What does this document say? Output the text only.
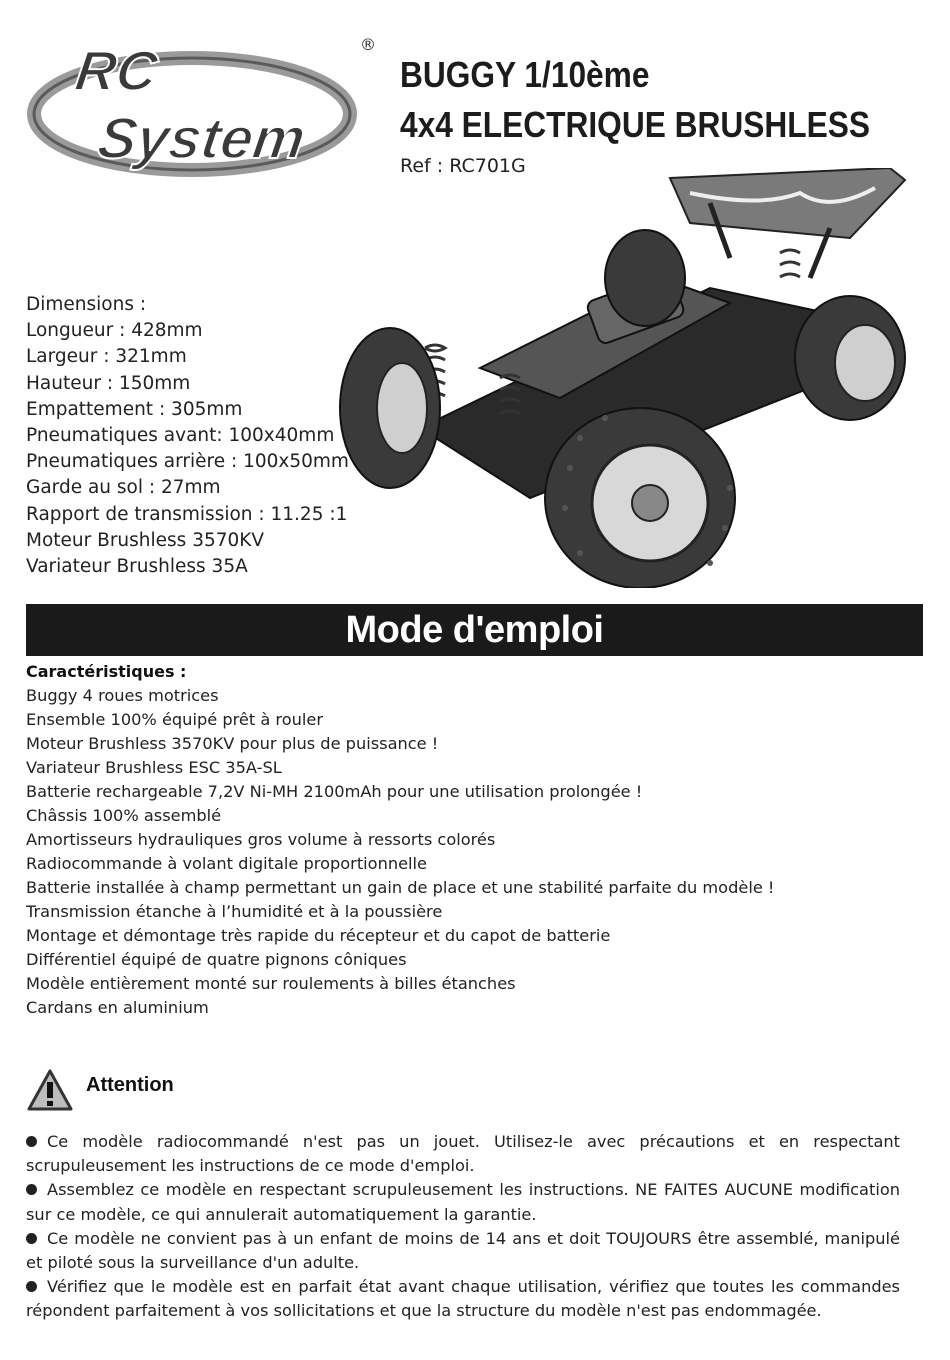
RC
System
®
BUGGY 1/10ème
4x4 ELECTRIQUE BRUSHLESS
Ref : RC701G
Dimensions :
Longueur : 428mm
Largeur : 321mm
Hauteur : 150mm
Empattement : 305mm
Pneumatiques avant: 100x40mm
Pneumatiques arrière : 100x50mm
Garde au sol : 27mm
Rapport de transmission : 11.25 :1
Moteur Brushless 3570KV
Variateur Brushless 35A
Mode d'emploi
Caractéristiques :
Buggy 4 roues motrices
Ensemble 100% équipé prêt à rouler
Moteur Brushless 3570KV pour plus de puissance !
Variateur Brushless ESC 35A-SL
Batterie rechargeable 7,2V Ni-MH 2100mAh pour une utilisation prolongée !
Châssis 100% assemblé
Amortisseurs hydrauliques gros volume à ressorts colorés
Radiocommande à volant digitale proportionnelle
Batterie installée à champ permettant un gain de place et une stabilité parfaite du modèle !
Transmission étanche à l’humidité et à la poussière
Montage et démontage très rapide du récepteur et du capot de batterie
Différentiel équipé de quatre pignons côniques
Modèle entièrement monté sur roulements à billes étanches
Cardans en aluminium
Attention

Ce modèle radiocommandé n'est pas un jouet. Utilisez-le avec précautions et en respectant scrupuleusement les instructions de ce mode d'emploi.

Assemblez ce modèle en respectant scrupuleusement les instructions. NE FAITES AUCUNE modification sur ce modèle, ce qui annulerait automatiquement la garantie.

Ce modèle ne convient pas à un enfant de moins de 14 ans et doit TOUJOURS être assemblé, manipulé et piloté sous la surveillance d'un adulte.

Vérifiez que le modèle est en parfait état avant chaque utilisation, vérifiez que toutes les commandes répondent parfaitement à vos sollicitations et que la structure du modèle n'est pas endommagée.
